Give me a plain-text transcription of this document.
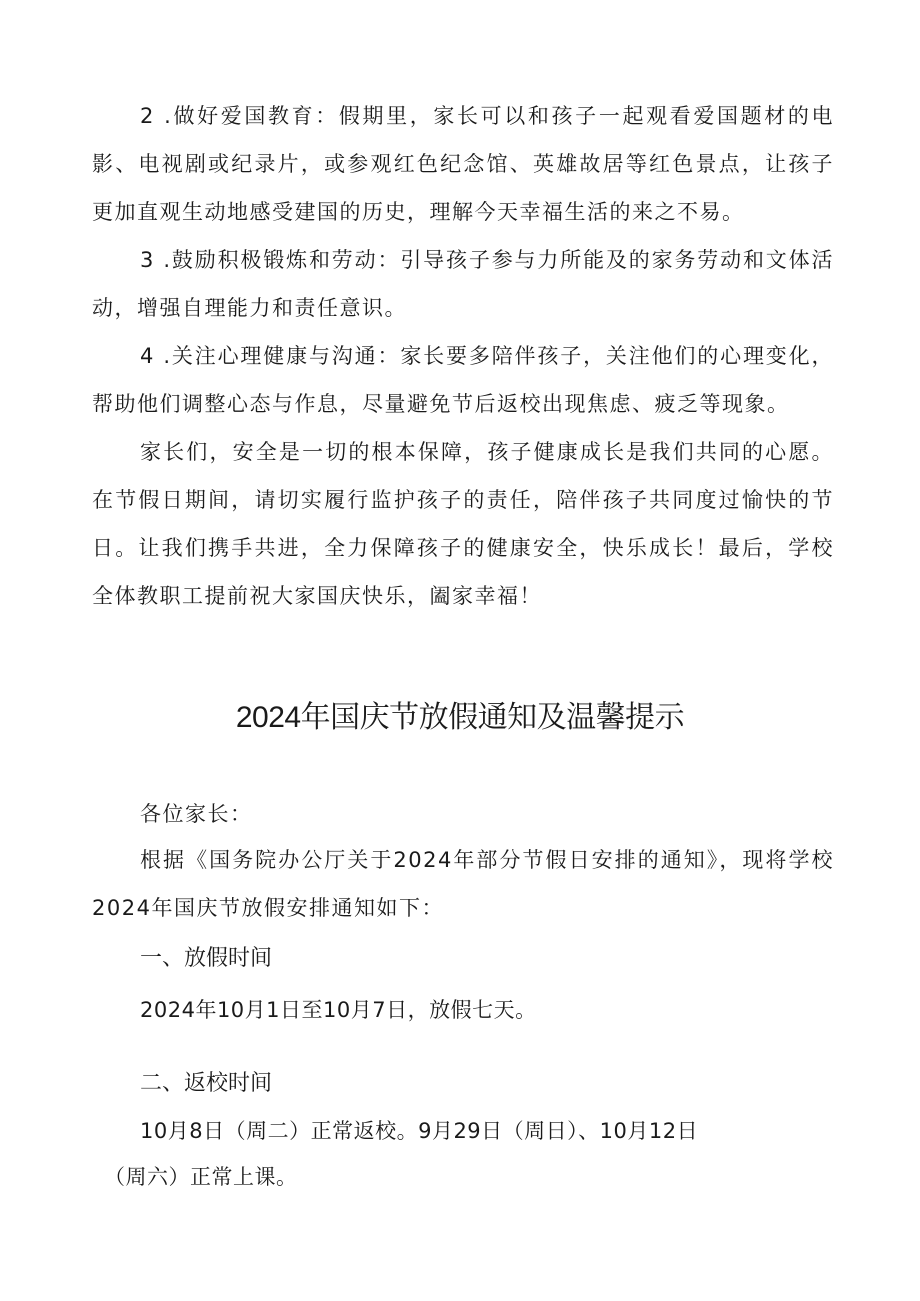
2 .做好爱国教育：假期里，家长可以和孩子一起观看爱国题材的电影、电视剧或纪录片，或参观红色纪念馆、英雄故居等红色景点，让孩子更加直观生动地感受建国的历史，理解今天幸福生活的来之不易。

3 .鼓励积极锻炼和劳动：引导孩子参与力所能及的家务劳动和文体活动，增强自理能力和责任意识。

4 .关注心理健康与沟通：家长要多陪伴孩子，关注他们的心理变化，帮助他们调整心态与作息，尽量避免节后返校出现焦虑、疲乏等现象。

家长们，安全是一切的根本保障，孩子健康成长是我们共同的心愿。在节假日期间，请切实履行监护孩子的责任，陪伴孩子共同度过愉快的节日。让我们携手共进，全力保障孩子的健康安全，快乐成长！最后，学校全体教职工提前祝大家国庆快乐，阖家幸福！

2024年国庆节放假通知及温馨提示

各位家长：

根据《国务院办公厅关于2024年部分节假日安排的通知》，现将学校2024年国庆节放假安排通知如下：

一、放假时间

2024年10月1日至10月7日，放假七天。

二、返校时间

10月8日（周二）正常返校。9月29日（周日）、10月12日
（周六）正常上课。
